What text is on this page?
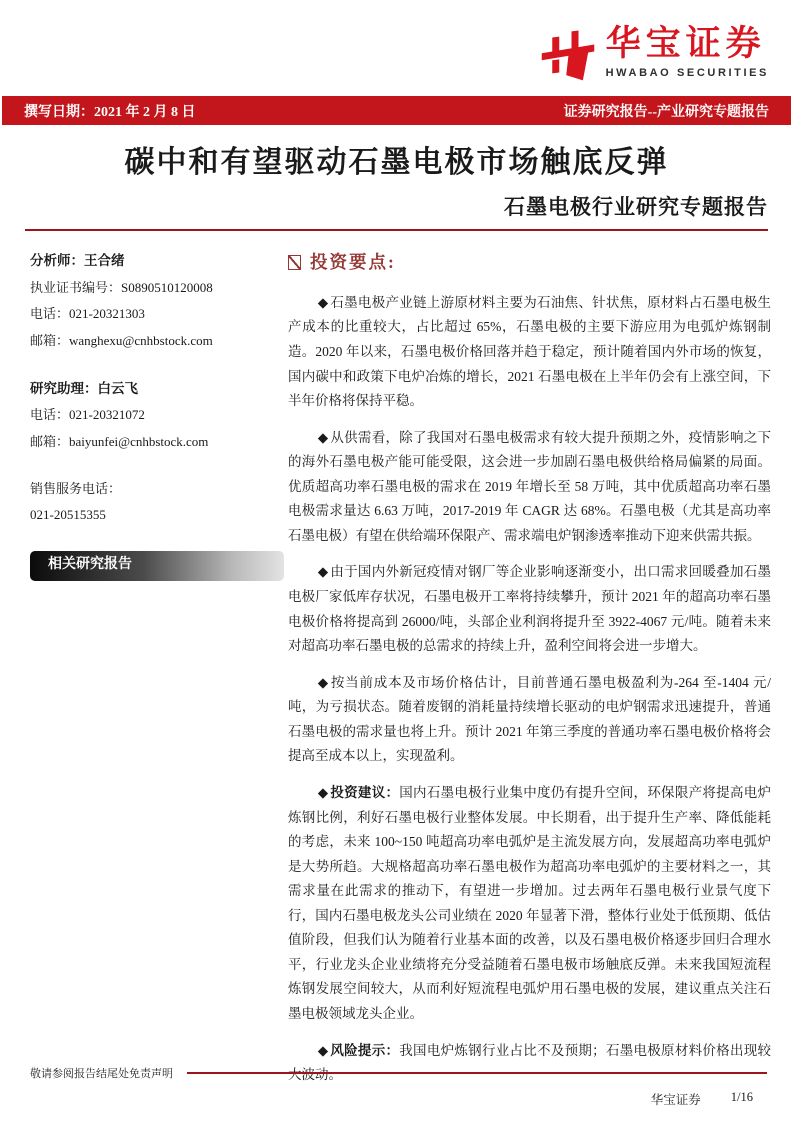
华宝证券
HWABAO SECURITIES
撰写日期：2021 年 2 月 8 日	证券研究报告--产业研究专题报告
碳中和有望驱动石墨电极市场触底反弹
石墨电极行业研究专题报告
分析师：王合绪
执业证书编号：S0890510120008
电话：021-20321303
邮箱：wanghexu@cnhbstock.com
研究助理：白云飞
电话：021-20321072
邮箱：baiyunfei@cnhbstock.com
销售服务电话：
021-20515355
相关研究报告
投资要点:

◆ 石墨电极产业链上游原材料主要为石油焦、针状焦，原材料占石墨电极生产成本的比重较大，占比超过 65%，石墨电极的主要下游应用为电弧炉炼钢制造。2020 年以来，石墨电极价格回落并趋于稳定，预计随着国内外市场的恢复，国内碳中和政策下电炉冶炼的增长，2021 石墨电极在上半年仍会有上涨空间，下半年价格将保持平稳。

◆ 从供需看，除了我国对石墨电极需求有较大提升预期之外，疫情影响之下的海外石墨电极产能可能受限，这会进一步加剧石墨电极供给格局偏紧的局面。优质超高功率石墨电极的需求在 2019 年增长至 58 万吨，其中优质超高功率石墨电极需求量达 6.63 万吨，2017-2019 年 CAGR 达 68%。石墨电极（尤其是高功率石墨电极）有望在供给端环保限产、需求端电炉钢渗透率推动下迎来供需共振。

◆ 由于国内外新冠疫情对钢厂等企业影响逐渐变小，出口需求回暖叠加石墨电极厂家低库存状况，石墨电极开工率将持续攀升，预计 2021 年的超高功率石墨电极价格将提高到 26000/吨，头部企业利润将提升至 3922-4067 元/吨。随着未来对超高功率石墨电极的总需求的持续上升，盈利空间将会进一步增大。

◆ 按当前成本及市场价格估计，目前普通石墨电极盈利为-264 至-1404 元/吨，为亏损状态。随着废钢的消耗量持续增长驱动的电炉钢需求迅速提升，普通石墨电极的需求量也将上升。预计 2021 年第三季度的普通功率石墨电极价格将会提高至成本以上，实现盈利。

◆ 投资建议：国内石墨电极行业集中度仍有提升空间，环保限产将提高电炉炼钢比例，利好石墨电极行业整体发展。中长期看，出于提升生产率、降低能耗的考虑，未来 100~150 吨超高功率电弧炉是主流发展方向，发展超高功率电弧炉是大势所趋。大规格超高功率石墨电极作为超高功率电弧炉的主要材料之一，其需求量在此需求的推动下，有望进一步增加。过去两年石墨电极行业景气度下行，国内石墨电极龙头公司业绩在 2020 年显著下滑，整体行业处于低预期、低估值阶段，但我们认为随着行业基本面的改善，以及石墨电极价格逐步回归合理水平，行业龙头企业业绩将充分受益随着石墨电极市场触底反弹。未来我国短流程炼钢发展空间较大，从而利好短流程电弧炉用石墨电极的发展，建议重点关注石墨电极领域龙头企业。

◆ 风险提示：我国电炉炼钢行业占比不及预期；石墨电极原材料价格出现较大波动。

敬请参阅报告结尾处免责声明
华宝证券 1/16
